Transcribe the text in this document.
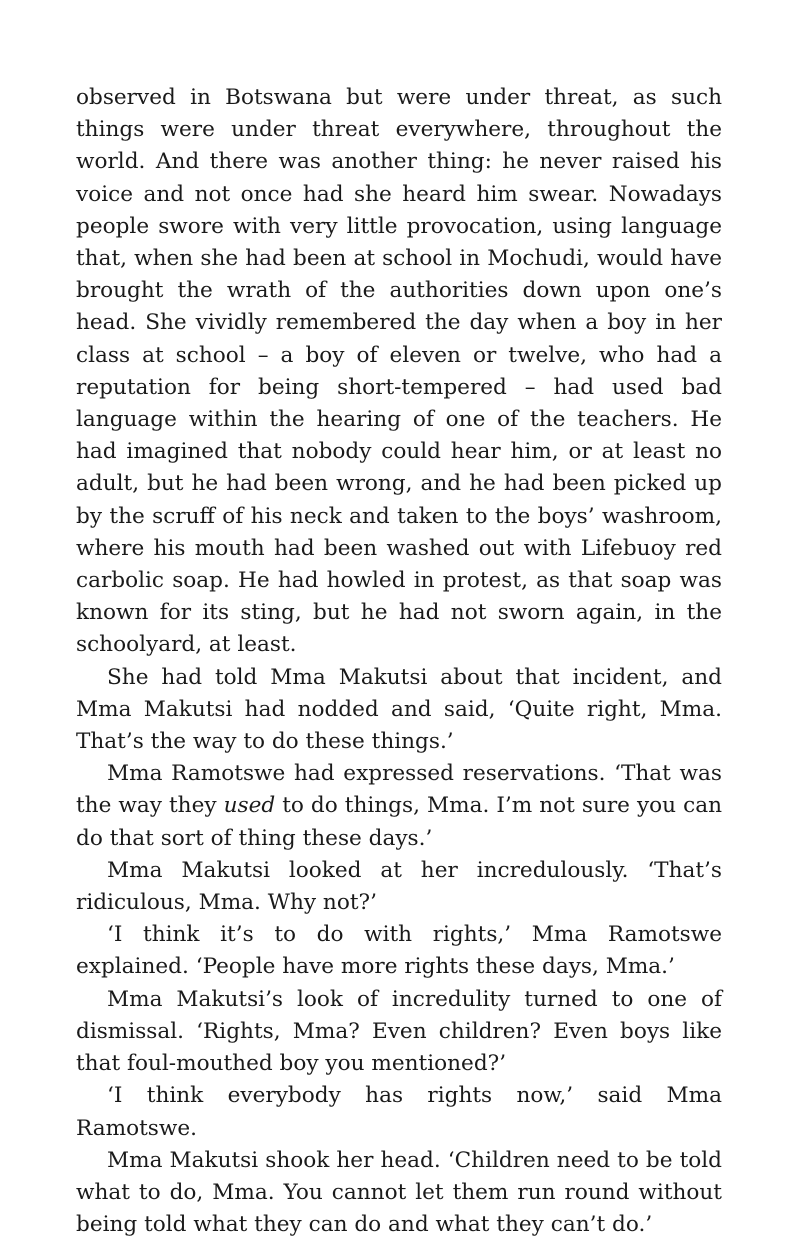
observed in Botswana but were under threat, as such things were under threat everywhere, throughout the world. And there was another thing: he never raised his voice and not once had she heard him swear. Nowadays people swore with very little provocation, using language that, when she had been at school in Mochudi, would have brought the wrath of the authorities down upon one’s head. She vividly remembered the day when a boy in her class at school – a boy of eleven or twelve, who had a reputation for being short-tempered – had used bad language within the hearing of one of the teachers. He had imagined that nobody could hear him, or at least no adult, but he had been wrong, and he had been picked up by the scruff of his neck and taken to the boys’ washroom, where his mouth had been washed out with Lifebuoy red carbolic soap. He had howled in protest, as that soap was known for its sting, but he had not sworn again, in the schoolyard, at least.

She had told Mma Makutsi about that incident, and Mma Makutsi had nodded and said, ‘Quite right, Mma. That’s the way to do these things.’

Mma Ramotswe had expressed reservations. ‘That was the way they used to do things, Mma. I’m not sure you can do that sort of thing these days.’

Mma Makutsi looked at her incredulously. ‘That’s ridiculous, Mma. Why not?’

‘I think it’s to do with rights,’ Mma Ramotswe explained. ‘People have more rights these days, Mma.’

Mma Makutsi’s look of incredulity turned to one of dismissal. ‘Rights, Mma? Even children? Even boys like that foul-mouthed boy you mentioned?’

‘I think everybody has rights now,’ said Mma Ramotswe.

Mma Makutsi shook her head. ‘Children need to be told what to do, Mma. You cannot let them run round without being told what they can do and what they can’t do.’
